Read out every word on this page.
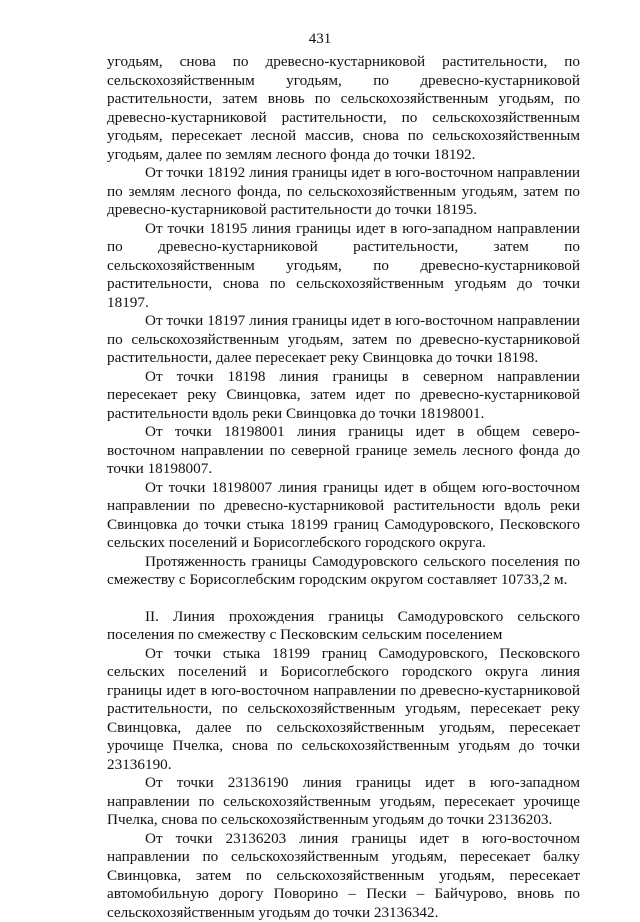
431

угодьям, снова по древесно-кустарниковой растительности, по сельскохозяйственным угодьям, по древесно-кустарниковой растительности, затем вновь по сельскохозяйственным угодьям, по древесно-кустарниковой растительности, по сельскохозяйственным угодьям, пересекает лесной массив, снова по сельскохозяйственным угодьям, далее по землям лесного фонда до точки 18192.

От точки 18192 линия границы идет в юго-восточном направлении по землям лесного фонда, по сельскохозяйственным угодьям, затем по древесно-кустарниковой растительности до точки 18195.

От точки 18195 линия границы идет в юго-западном направлении по древесно-кустарниковой растительности, затем по сельскохозяйственным угодьям, по древесно-кустарниковой растительности, снова по сельскохозяйственным угодьям до точки 18197.

От точки 18197 линия границы идет в юго-восточном направлении по сельскохозяйственным угодьям, затем по древесно-кустарниковой растительности, далее пересекает реку Свинцовка до точки 18198.

От точки 18198 линия границы в северном направлении пересекает реку Свинцовка, затем идет по древесно-кустарниковой растительности вдоль реки Свинцовка до точки 18198001.

От точки 18198001 линия границы идет в общем северо-восточном направлении по северной границе земель лесного фонда до точки 18198007.

От точки 18198007 линия границы идет в общем юго-восточном направлении по древесно-кустарниковой растительности вдоль реки Свинцовка до точки стыка 18199 границ Самодуровского, Песковского сельских поселений и Борисоглебского городского округа.

Протяженность границы Самодуровского сельского поселения по смежеству с Борисоглебским городским округом составляет 10733,2 м.

II. Линия прохождения границы Самодуровского сельского поселения по смежеству с Песковским сельским поселением

От точки стыка 18199 границ Самодуровского, Песковского сельских поселений и Борисоглебского городского округа линия границы идет в юго-восточном направлении по древесно-кустарниковой растительности, по сельскохозяйственным угодьям, пересекает реку Свинцовка, далее по сельскохозяйственным угодьям, пересекает урочище Пчелка, снова по сельскохозяйственным угодьям до точки 23136190.

От точки 23136190 линия границы идет в юго-западном направлении по сельскохозяйственным угодьям, пересекает урочище Пчелка, снова по сельскохозяйственным угодьям до точки 23136203.

От точки 23136203 линия границы идет в юго-восточном направлении по сельскохозяйственным угодьям, пересекает балку Свинцовка, затем по сельскохозяйственным угодьям, пересекает автомобильную дорогу Поворино – Пески – Байчурово, вновь по сельскохозяйственным угодьям до точки 23136342.
